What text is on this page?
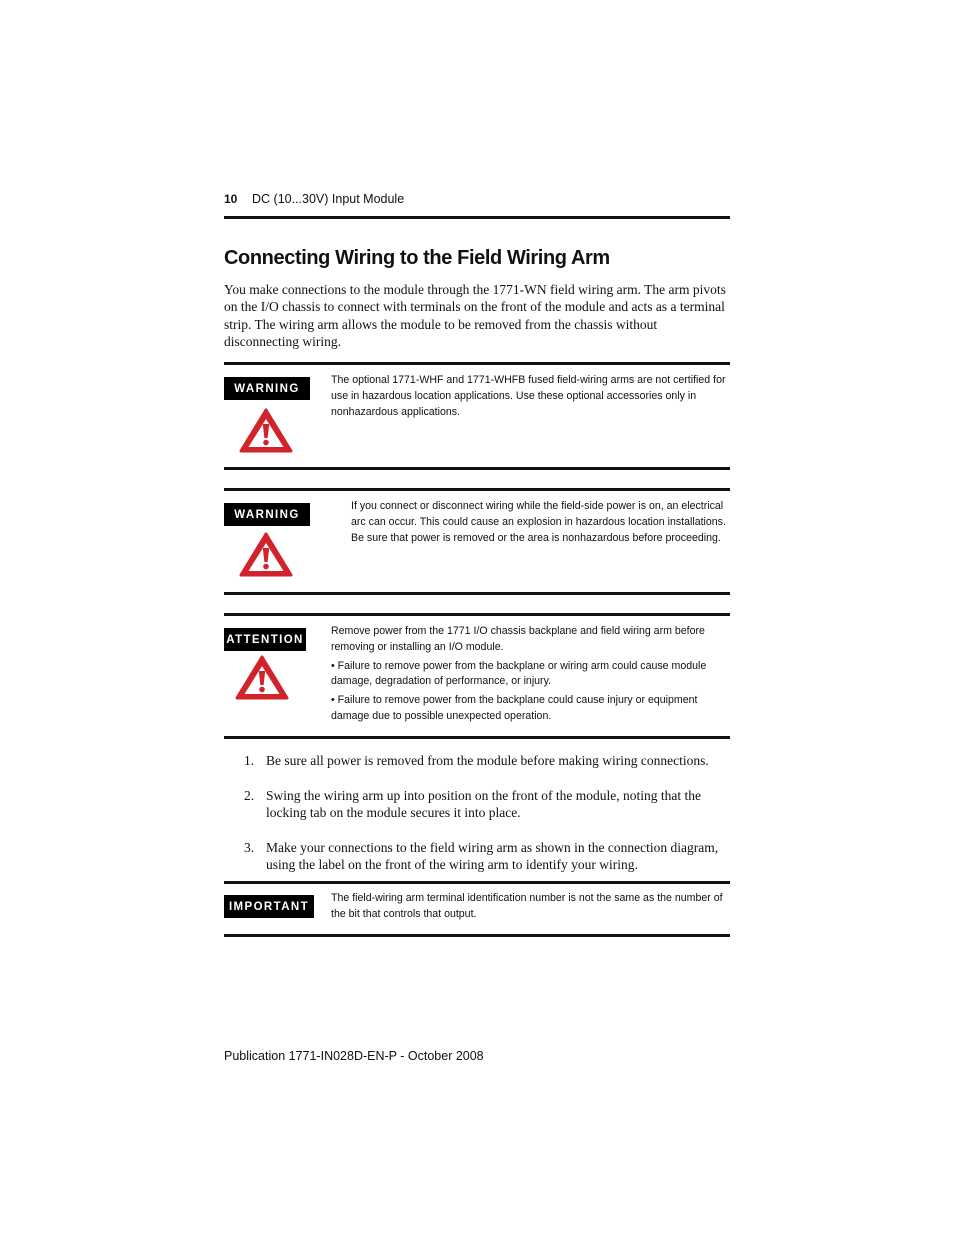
10 DC (10...30V) Input Module
Connecting Wiring to the Field Wiring Arm

You make connections to the module through the 1771-WN field wiring arm. The arm pivots on the I/O chassis to connect with terminals on the front of the module and acts as a terminal strip. The wiring arm allows the module to be removed from the chassis without disconnecting wiring.

WARNING
The optional 1771-WHF and 1771-WHFB fused field-wiring arms are not certified for use in hazardous location applications. Use these optional accessories only in nonhazardous applications.
WARNING
If you connect or disconnect wiring while the field-side power is on, an electrical arc can occur. This could cause an explosion in hazardous location installations. Be sure that power is removed or the area is nonhazardous before proceeding.
ATTENTION

Remove power from the 1771 I/O chassis backplane and field wiring arm before removing or installing an I/O module.

• Failure to remove power from the backplane or wiring arm could cause module damage, degradation of performance, or injury.

• Failure to remove power from the backplane could cause injury or equipment damage due to possible unexpected operation.

1. Be sure all power is removed from the module before making wiring connections.
2. Swing the wiring arm up into position on the front of the module, noting that the locking tab on the module secures it into place.
3. Make your connections to the field wiring arm as shown in the connection diagram, using the label on the front of the wiring arm to identify your wiring.
IMPORTANT
The field-wiring arm terminal identification number is not the same as the number of the bit that controls that output.

Publication 1771-IN028D-EN-P - October 2008
